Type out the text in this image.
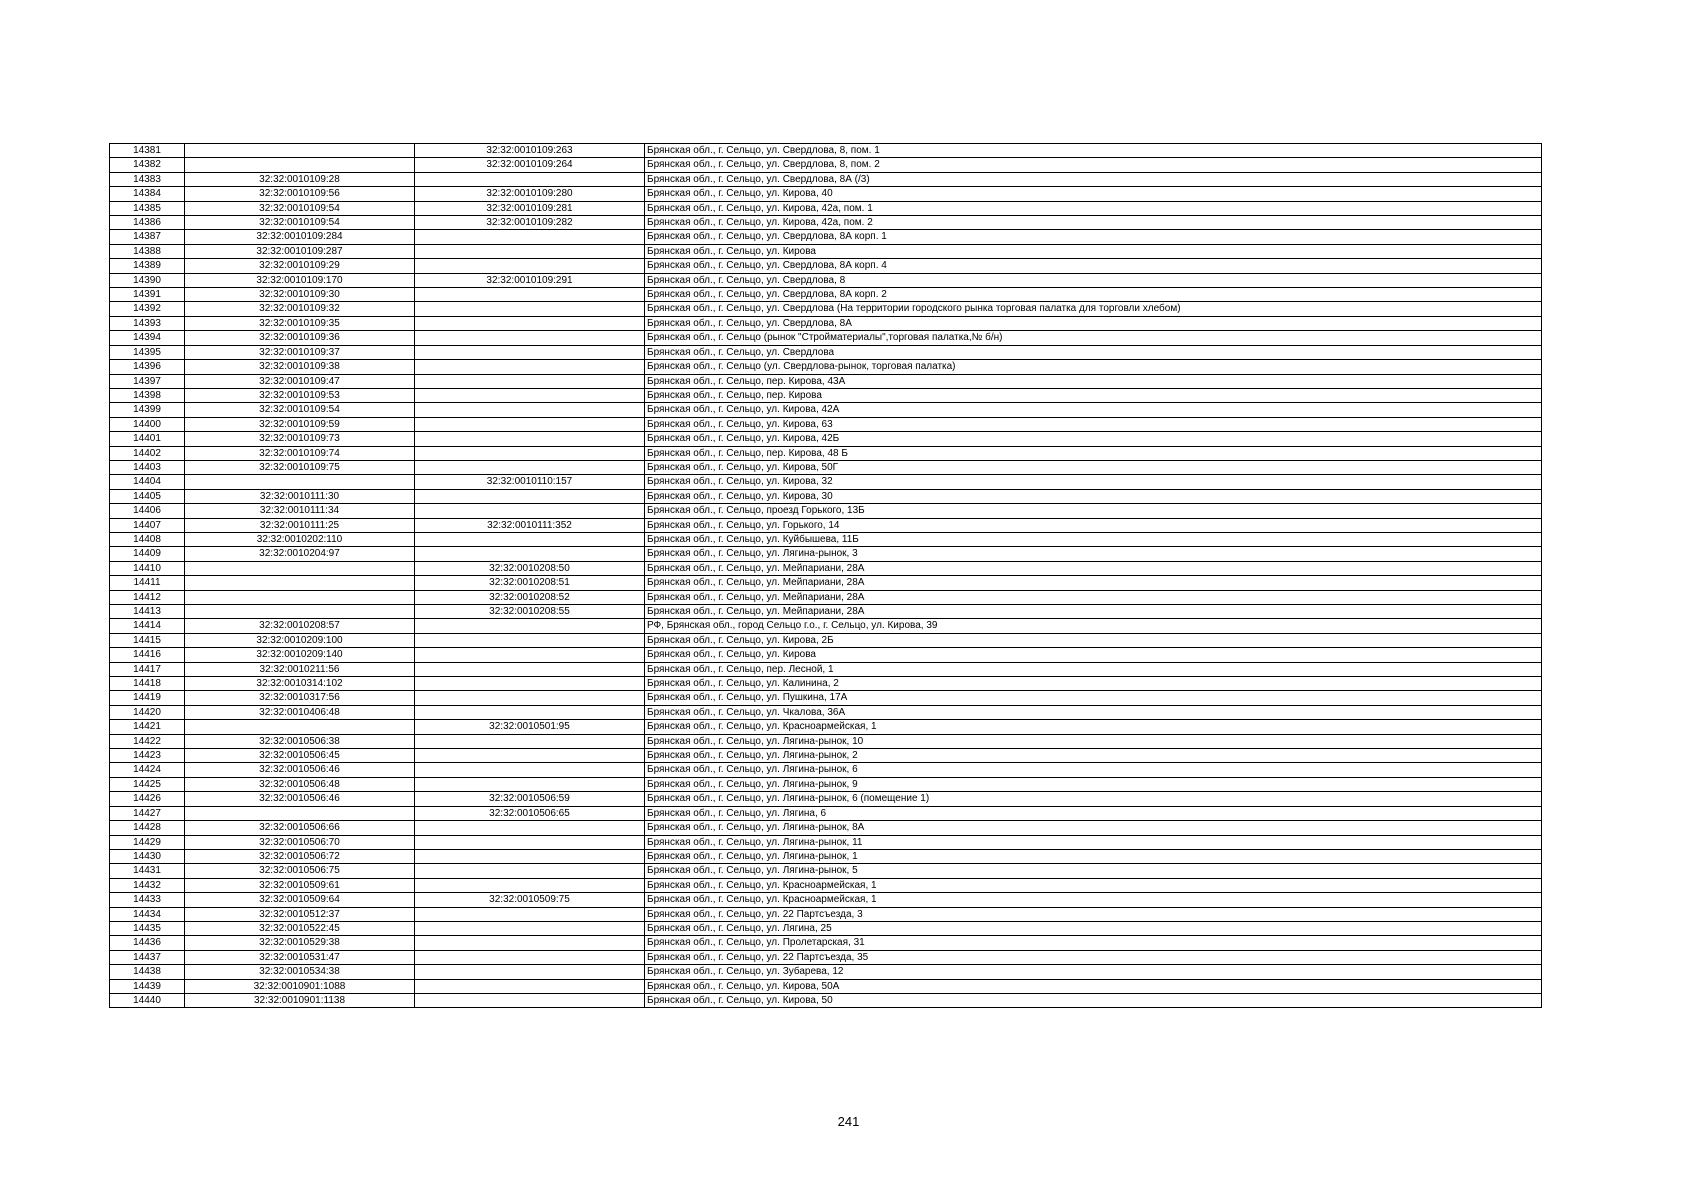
14381		32:32:0010109:263	Брянская обл., г. Сельцо, ул. Свердлова, 8, пом. 1
14382		32:32:0010109:264	Брянская обл., г. Сельцо, ул. Свердлова, 8, пом. 2
14383	32:32:0010109:28		Брянская обл., г. Сельцо, ул. Свердлова, 8А (/3)
14384	32:32:0010109:56	32:32:0010109:280	Брянская обл., г. Сельцо, ул. Кирова, 40
14385	32:32:0010109:54	32:32:0010109:281	Брянская обл., г. Сельцо, ул. Кирова, 42а, пом. 1
14386	32:32:0010109:54	32:32:0010109:282	Брянская обл., г. Сельцо, ул. Кирова, 42а, пом. 2
14387	32:32:0010109:284		Брянская обл., г. Сельцо, ул. Свердлова, 8А корп. 1
14388	32:32:0010109:287		Брянская обл., г. Сельцо, ул. Кирова
14389	32:32:0010109:29		Брянская обл., г. Сельцо, ул. Свердлова, 8А корп. 4
14390	32:32:0010109:170	32:32:0010109:291	Брянская обл., г. Сельцо, ул. Свердлова, 8
14391	32:32:0010109:30		Брянская обл., г. Сельцо, ул. Свердлова, 8А корп. 2
14392	32:32:0010109:32		Брянская обл., г. Сельцо, ул. Свердлова (На территории городского рынка торговая палатка для торговли хлебом)
14393	32:32:0010109:35		Брянская обл., г. Сельцо, ул. Свердлова, 8А
14394	32:32:0010109:36		Брянская обл., г. Сельцо (рынок "Стройматериалы",торговая палатка,№ б/н)
14395	32:32:0010109:37		Брянская обл., г. Сельцо, ул. Свердлова
14396	32:32:0010109:38		Брянская обл., г. Сельцо (ул. Свердлова-рынок, торговая палатка)
14397	32:32:0010109:47		Брянская обл., г. Сельцо, пер. Кирова, 43А
14398	32:32:0010109:53		Брянская обл., г. Сельцо, пер. Кирова
14399	32:32:0010109:54		Брянская обл., г. Сельцо, ул. Кирова, 42А
14400	32:32:0010109:59		Брянская обл., г. Сельцо, ул. Кирова, 63
14401	32:32:0010109:73		Брянская обл., г. Сельцо, ул. Кирова, 42Б
14402	32:32:0010109:74		Брянская обл., г. Сельцо, пер. Кирова, 48 Б
14403	32:32:0010109:75		Брянская обл., г. Сельцо, ул. Кирова, 50Г
14404		32:32:0010110:157	Брянская обл., г. Сельцо, ул. Кирова, 32
14405	32:32:0010111:30		Брянская обл., г. Сельцо, ул. Кирова, 30
14406	32:32:0010111:34		Брянская обл., г. Сельцо, проезд Горького, 13Б
14407	32:32:0010111:25	32:32:0010111:352	Брянская обл., г. Сельцо, ул. Горького, 14
14408	32:32:0010202:110		Брянская обл., г. Сельцо, ул. Куйбышева, 11Б
14409	32:32:0010204:97		Брянская обл., г. Сельцо, ул. Лягина-рынок, 3
14410		32:32:0010208:50	Брянская обл., г. Сельцо, ул. Мейпариани, 28А
14411		32:32:0010208:51	Брянская обл., г. Сельцо, ул. Мейпариани, 28А
14412		32:32:0010208:52	Брянская обл., г. Сельцо, ул. Мейпариани, 28А
14413		32:32:0010208:55	Брянская обл., г. Сельцо, ул. Мейпариани, 28А
14414	32:32:0010208:57		РФ, Брянская обл., город Сельцо г.о., г. Сельцо, ул. Кирова, 39
14415	32:32:0010209:100		Брянская обл., г. Сельцо, ул. Кирова, 2Б
14416	32:32:0010209:140		Брянская обл., г. Сельцо, ул. Кирова
14417	32:32:0010211:56		Брянская обл., г. Сельцо, пер. Лесной, 1
14418	32:32:0010314:102		Брянская обл., г. Сельцо, ул. Калинина, 2
14419	32:32:0010317:56		Брянская обл., г. Сельцо, ул. Пушкина, 17А
14420	32:32:0010406:48		Брянская обл., г. Сельцо, ул. Чкалова, 36А
14421		32:32:0010501:95	Брянская обл., г. Сельцо, ул. Красноармейская, 1
14422	32:32:0010506:38		Брянская обл., г. Сельцо, ул. Лягина-рынок, 10
14423	32:32:0010506:45		Брянская обл., г. Сельцо, ул. Лягина-рынок, 2
14424	32:32:0010506:46		Брянская обл., г. Сельцо, ул. Лягина-рынок, 6
14425	32:32:0010506:48		Брянская обл., г. Сельцо, ул. Лягина-рынок, 9
14426	32:32:0010506:46	32:32:0010506:59	Брянская обл., г. Сельцо, ул. Лягина-рынок, 6 (помещение 1)
14427		32:32:0010506:65	Брянская обл., г. Сельцо, ул. Лягина, 6
14428	32:32:0010506:66		Брянская обл., г. Сельцо, ул. Лягина-рынок, 8А
14429	32:32:0010506:70		Брянская обл., г. Сельцо, ул. Лягина-рынок, 11
14430	32:32:0010506:72		Брянская обл., г. Сельцо, ул. Лягина-рынок, 1
14431	32:32:0010506:75		Брянская обл., г. Сельцо, ул. Лягина-рынок, 5
14432	32:32:0010509:61		Брянская обл., г. Сельцо, ул. Красноармейская, 1
14433	32:32:0010509:64	32:32:0010509:75	Брянская обл., г. Сельцо, ул. Красноармейская, 1
14434	32:32:0010512:37		Брянская обл., г. Сельцо, ул. 22 Партсъезда, 3
14435	32:32:0010522:45		Брянская обл., г. Сельцо, ул. Лягина, 25
14436	32:32:0010529:38		Брянская обл., г. Сельцо, ул. Пролетарская, 31
14437	32:32:0010531:47		Брянская обл., г. Сельцо, ул. 22 Партсъезда, 35
14438	32:32:0010534:38		Брянская обл., г. Сельцо, ул. Зубарева, 12
14439	32:32:0010901:1088		Брянская обл., г. Сельцо, ул. Кирова, 50А
14440	32:32:0010901:1138		Брянская обл., г. Сельцо, ул. Кирова, 50
241
